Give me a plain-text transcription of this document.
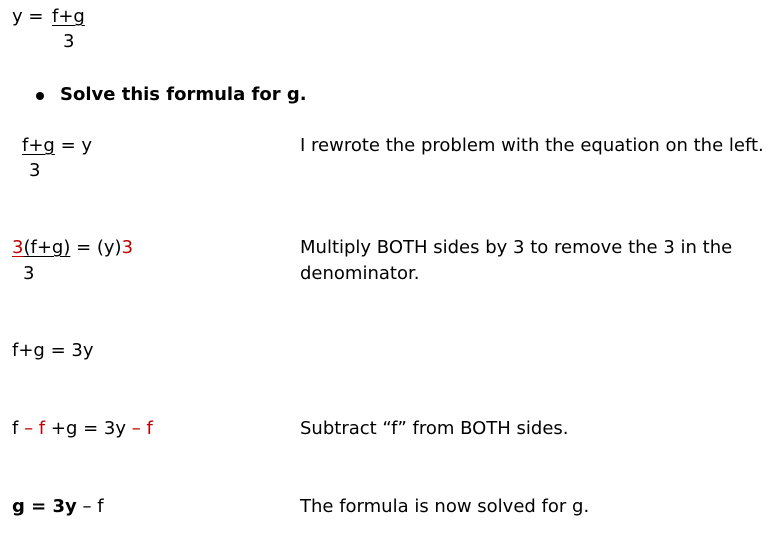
y = f+g
3
Solve this formula for g.
f+g = y
3
I rewrote the problem with the equation on the left.
3(f+g) = (y)3
3
Multiply BOTH sides by 3 to remove the 3 in the
denominator.
f+g = 3y
f – f +g = 3y – f	Subtract “f” from BOTH sides.
g = 3y – f	The formula is now solved for g.
